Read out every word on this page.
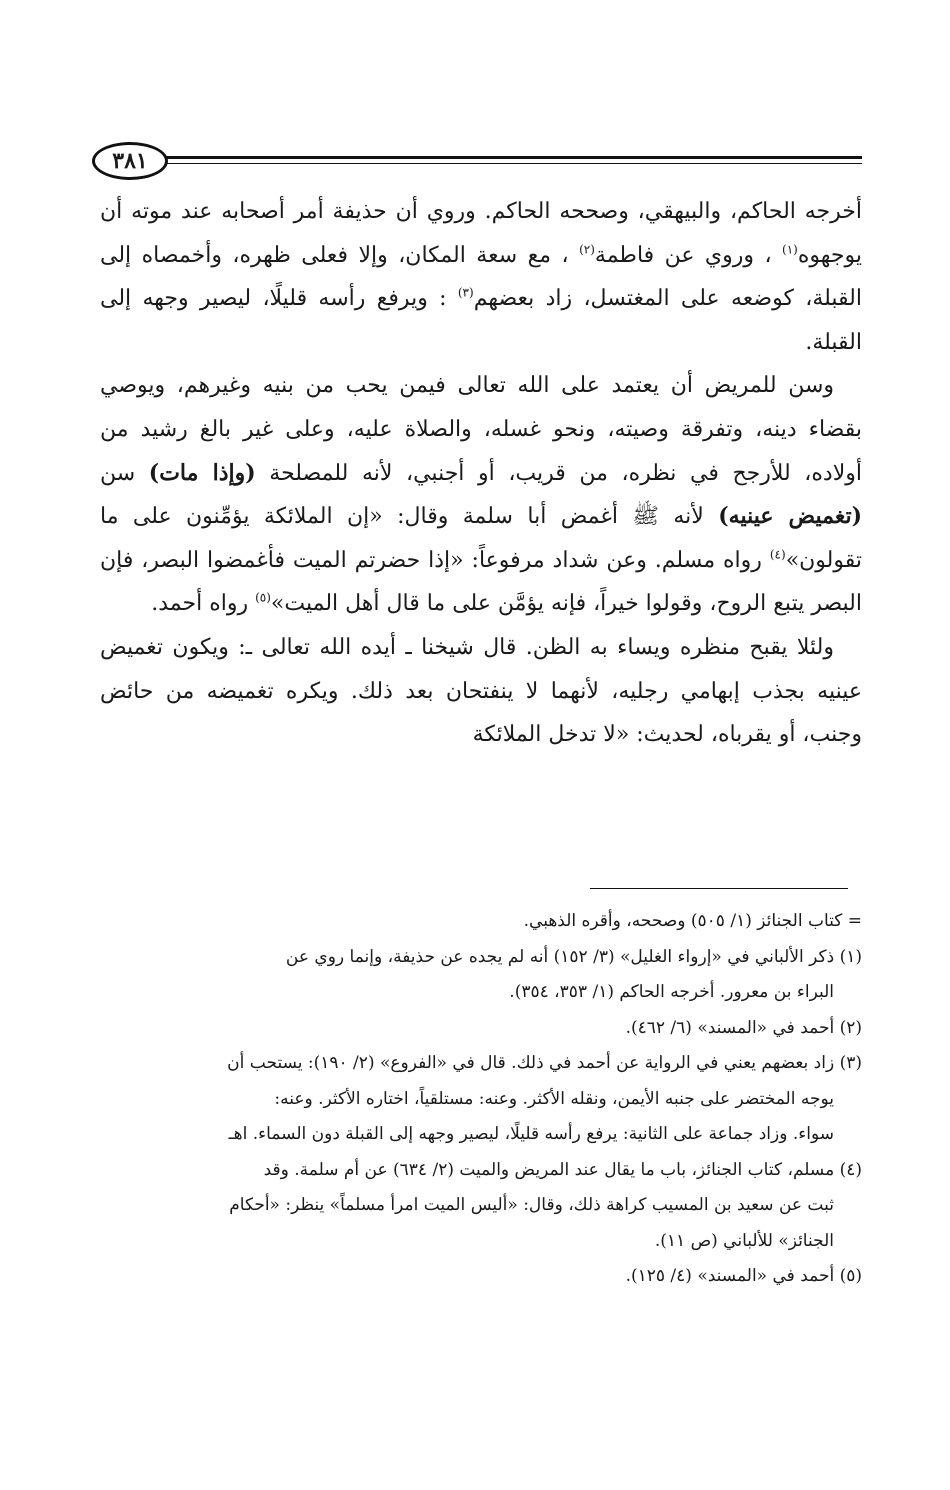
٣٨١

أخرجه الحاكم، والبيهقي، وصححه الحاكم. وروي أن حذيفة أمر أصحابه عند موته أن يوجهوه$^{(١)}$ ، وروي عن فاطمة$^{(٢)}$ ، مع سعة المكان، وإلا فعلى ظهره، وأخمصاه إلى القبلة، كوضعه على المغتسل، زاد بعضهم$^{(٣)}$ : ويرفع رأسه قليلًا، ليصير وجهه إلى القبلة.

وسن للمريض أن يعتمد على الله تعالى فيمن يحب من بنيه وغيرهم، ويوصي بقضاء دينه، وتفرقة وصيته، ونحو غسله، والصلاة عليه، وعلى غير بالغ رشيد من أولاده، للأرجح في نظره، من قريب، أو أجنبي، لأنه للمصلحة (وإذا مات) سن (تغميض عينيه) لأنه ﷺ أغمض أبا سلمة وقال: «إن الملائكة يؤمِّنون على ما تقولون»$^{(٤)}$ رواه مسلم. وعن شداد مرفوعاً: «إذا حضرتم الميت فأغمضوا البصر، فإن البصر يتبع الروح، وقولوا خيراً، فإنه يؤمَّن على ما قال أهل الميت»$^{(٥)}$ رواه أحمد.

ولئلا يقبح منظره ويساء به الظن. قال شيخنا ـ أيده الله تعالى ـ: ويكون تغميض عينيه بجذب إبهامي رجليه، لأنهما لا ينفتحان بعد ذلك. ويكره تغميضه من حائض وجنب، أو يقرباه، لحديث: «لا تدخل الملائكة

= كتاب الجنائز (١/ ٥٠٥) وصححه، وأقره الذهبي.

(١) ذكر الألباني في «إرواء الغليل» (٣/ ١٥٢) أنه لم يجده عن حذيفة، وإنما روي عن

البراء بن معرور. أخرجه الحاكم (١/ ٣٥٣، ٣٥٤).

(٢) أحمد في «المسند» (٦/ ٤٦٢).

(٣) زاد بعضهم يعني في الرواية عن أحمد في ذلك. قال في «الفروع» (٢/ ١٩٠): يستحب أن

يوجه المختضر على جنبه الأيمن، ونقله الأكثر. وعنه: مستلقياً، اختاره الأكثر. وعنه:

سواء. وزاد جماعة على الثانية: يرفع رأسه قليلًا، ليصير وجهه إلى القبلة دون السماء. اهـ

(٤) مسلم، كتاب الجنائز، باب ما يقال عند المريض والميت (٢/ ٦٣٤) عن أم سلمة. وقد

ثبت عن سعيد بن المسيب كراهة ذلك، وقال: «أليس الميت امرأ مسلماً» ينظر: «أحكام

الجنائز» للألباني (ص ١١).

(٥) أحمد في «المسند» (٤/ ١٢٥).
